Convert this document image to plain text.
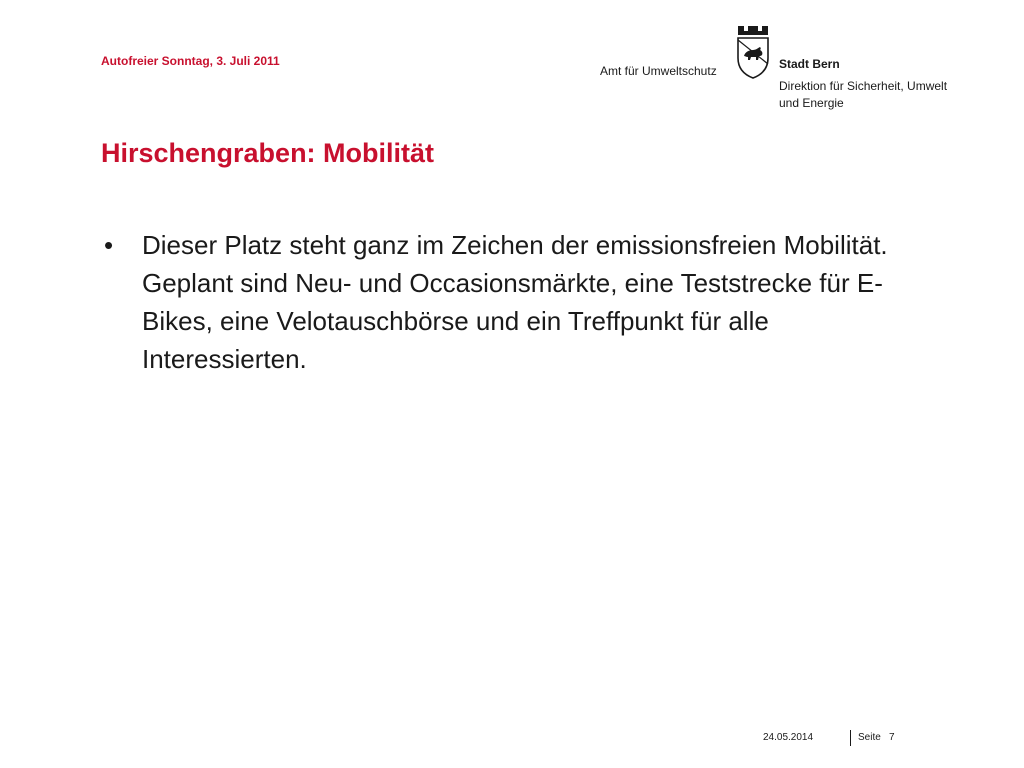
Autofreier Sonntag, 3. Juli 2011
Amt für Umweltschutz	Stadt Bern
Direktion für Sicherheit, Umwelt und Energie
Hirschengraben: Mobilität
• Dieser Platz steht ganz im Zeichen der emissionsfreien Mobilität. Geplant sind Neu- und Occasionsmärkte, eine Teststrecke für E-Bikes, eine Velotauschbörse und ein Treffpunkt für alle Interessierten.
24.05.2014	Seite 7
